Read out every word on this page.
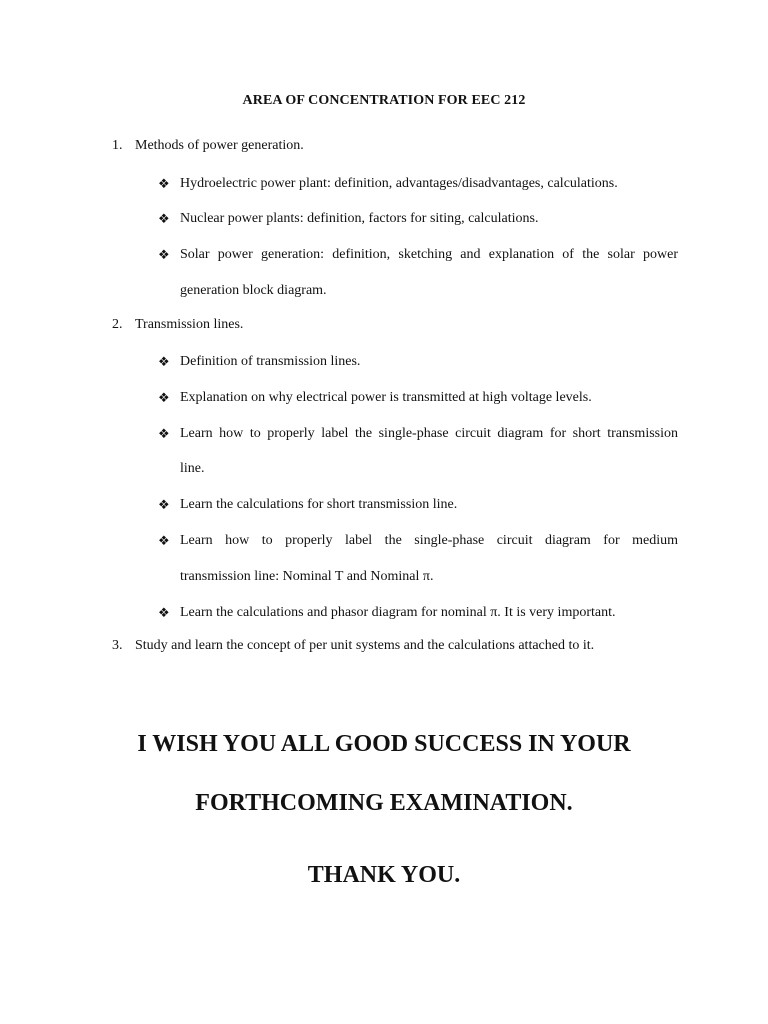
AREA OF CONCENTRATION FOR EEC 212
1. Methods of power generation.
❖ Hydroelectric power plant: definition, advantages/disadvantages, calculations.
❖ Nuclear power plants: definition, factors for siting, calculations.
❖ Solar power generation: definition, sketching and explanation of the solar power
generation block diagram.
2. Transmission lines.
❖ Definition of transmission lines.
❖ Explanation on why electrical power is transmitted at high voltage levels.
❖ Learn how to properly label the single-phase circuit diagram for short transmission
line.
❖ Learn the calculations for short transmission line.
❖ Learn how to properly label the single-phase circuit diagram for medium
transmission line: Nominal T and Nominal π.
❖ Learn the calculations and phasor diagram for nominal π. It is very important.
3. Study and learn the concept of per unit systems and the calculations attached to it.
I WISH YOU ALL GOOD SUCCESS IN YOUR
FORTHCOMING EXAMINATION.
THANK YOU.
